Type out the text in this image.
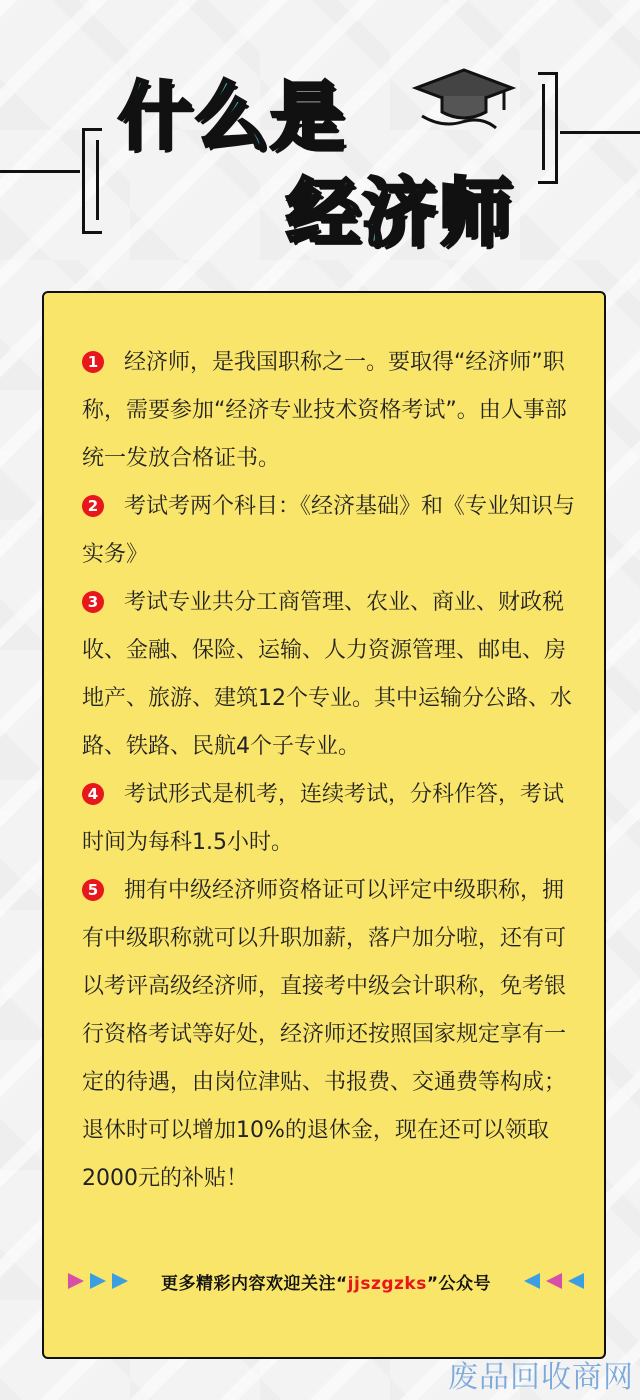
什么是
经济师
1 经济师，是我国职称之一。要取得“经济师”职称，需要参加“经济专业技术资格考试”。由人事部统一发放合格证书。
2 考试考两个科目：《经济基础》和《专业知识与实务》
3 考试专业共分工商管理、农业、商业、财政税收、金融、保险、运输、人力资源管理、邮电、房地产、旅游、建筑12个专业。其中运输分公路、水路、铁路、民航4个子专业。
4 考试形式是机考，连续考试，分科作答，考试时间为每科1.5小时。
5 拥有中级经济师资格证可以评定中级职称，拥有中级职称就可以升职加薪，落户加分啦，还有可以考评高级经济师，直接考中级会计职称，免考银行资格考试等好处，经济师还按照国家规定享有一定的待遇，由岗位津贴、书报费、交通费等构成；退休时可以增加10%的退休金，现在还可以领取2000元的补贴！
更多精彩内容欢迎关注“jjszgzks”公众号
废品回收商网
